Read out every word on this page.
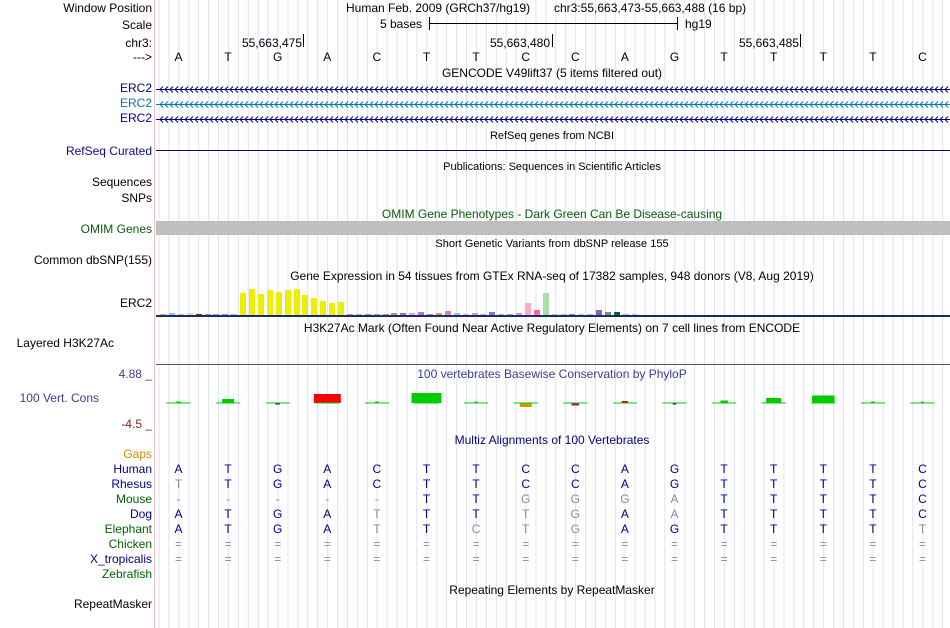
Window Position
Scale
chr3:
--->
Human Feb. 2009 (GRCh37/hg19) chr3:55,663,473-55,663,488 (16 bp)
5 bases	hg19
55,663,475	55,663,480	55,663,485
A	T	G	A	C	T	T	C	C	A	G	T	T	T	T	C
GENCODE V49lift37 (5 items filtered out)
RefSeq genes from NCBI
RefSeq Curated
Publications: Sequences in Scientific Articles
Sequences
SNPs
OMIM Gene Phenotypes - Dark Green Can Be Disease-causing
OMIM Genes
Short Genetic Variants from dbSNP release 155
Common dbSNP(155)
Gene Expression in 54 tissues from GTEx RNA-seq of 17382 samples, 948 donors (V8, Aug 2019)
ERC2
H3K27Ac Mark (Often Found Near Active Regulatory Elements) on 7 cell lines from ENCODE
Layered H3K27Ac
100 vertebrates Basewise Conservation by PhyloP
4.88 _
100 Vert. Cons
-4.5 _
Multiz Alignments of 100 Vertebrates
Gaps
Human A	T	G	A	C	T	T	C	C	A	G	T	T	T	T	C
Rhesus T	T	G	A	C	T	T	C	C	A	G	T	T	T	T	C
Mouse	-	-	-	-	-	T	T	G	G	G	A	T	T	T	T	C
Dog A	T	G	A	T	T	T	T	G	A	A	T	T	T	T	C
Elephant A	T	G	A	T	T	C	T	G	A	G	T	T	T	T	T
Chicken =	=	=	=	=	=	=	=	=	=	=	=	=	=	=	=
X_tropicalis =	=	=	=	=	=	=	=	=	=	=	=	=	=	=	=
Zebrafish
Repeating Elements by RepeatMasker
RepeatMasker
ERC2
ERC2
ERC2
